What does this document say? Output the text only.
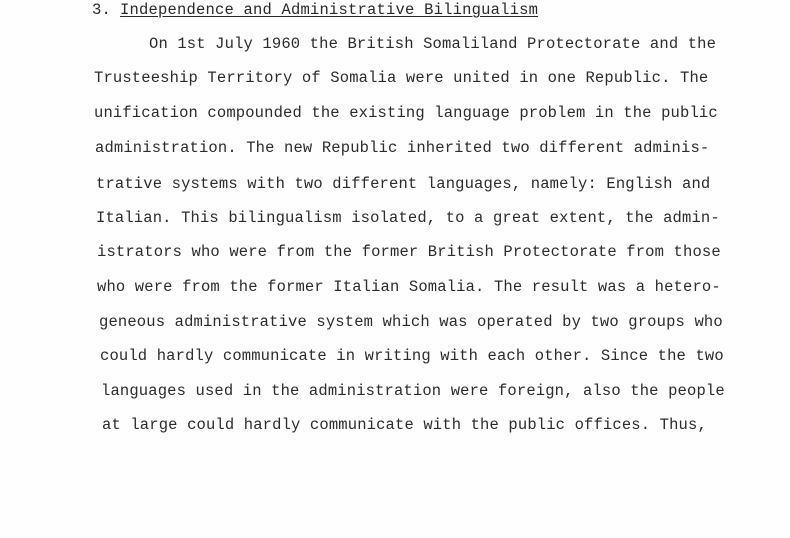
3. Independence and Administrative Bilingualism
On 1st July 1960 the British Somaliland Protectorate and the
Trusteeship Territory of Somalia were united in one Republic. The
unification compounded the existing language problem in the public
administration. The new Republic inherited two different adminis-
trative systems with two different languages, namely: English and
Italian. This bilingualism isolated, to a great extent, the admin-
istrators who were from the former British Protectorate from those
who were from the former Italian Somalia. The result was a hetero-
geneous administrative system which was operated by two groups who
could hardly communicate in writing with each other. Since the two
languages used in the administration were foreign, also the people
at large could hardly communicate with the public offices. Thus,
